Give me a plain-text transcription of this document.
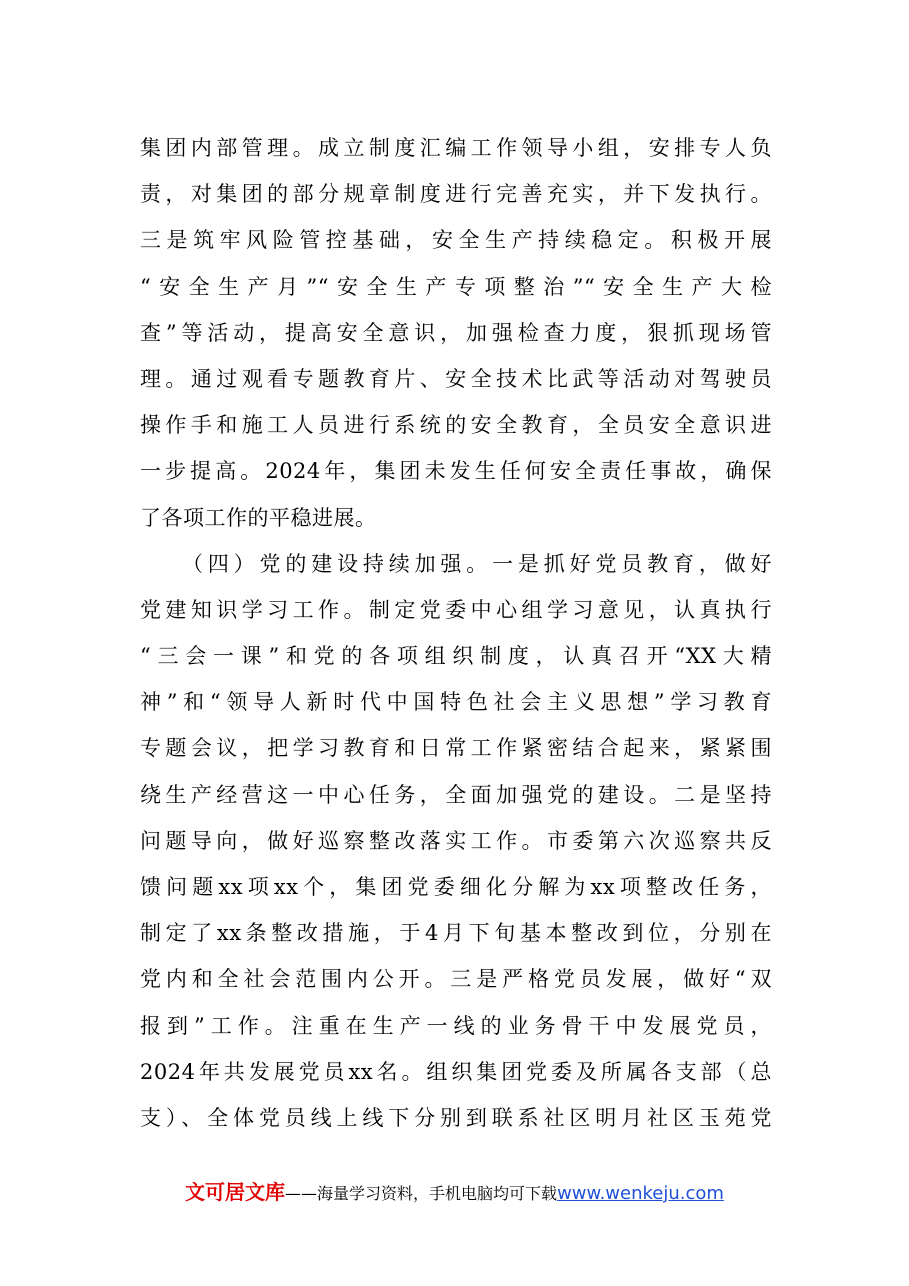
集团内部管理。成立制度汇编工作领导小组，安排专人负
责，对集团的部分规章制度进行完善充实，并下发执行。
三是筑牢风险管控基础，安全生产持续稳定。积极开展
“安全生产月”“安全生产专项整治”“安全生产大检
查”等活动，提高安全意识，加强检查力度，狠抓现场管
理。通过观看专题教育片、安全技术比武等活动对驾驶员
操作手和施工人员进行系统的安全教育，全员安全意识进
一步提高。2024年，集团未发生任何安全责任事故，确保
了各项工作的平稳进展。
（四）党的建设持续加强。一是抓好党员教育，做好
党建知识学习工作。制定党委中心组学习意见，认真执行
“三会一课”和党的各项组织制度，认真召开“XX大精
神”和“领导人新时代中国特色社会主义思想”学习教育
专题会议，把学习教育和日常工作紧密结合起来，紧紧围
绕生产经营这一中心任务，全面加强党的建设。二是坚持
问题导向，做好巡察整改落实工作。市委第六次巡察共反
馈问题xx项xx个，集团党委细化分解为xx项整改任务，
制定了xx条整改措施，于4月下旬基本整改到位，分别在
党内和全社会范围内公开。三是严格党员发展，做好“双
报到”工作。注重在生产一线的业务骨干中发展党员，
2024年共发展党员xx名。组织集团党委及所属各支部（总
支）、全体党员线上线下分别到联系社区明月社区玉苑党
文可居文库——海量学习资料，手机电脑均可下载www.wenkeju.com
